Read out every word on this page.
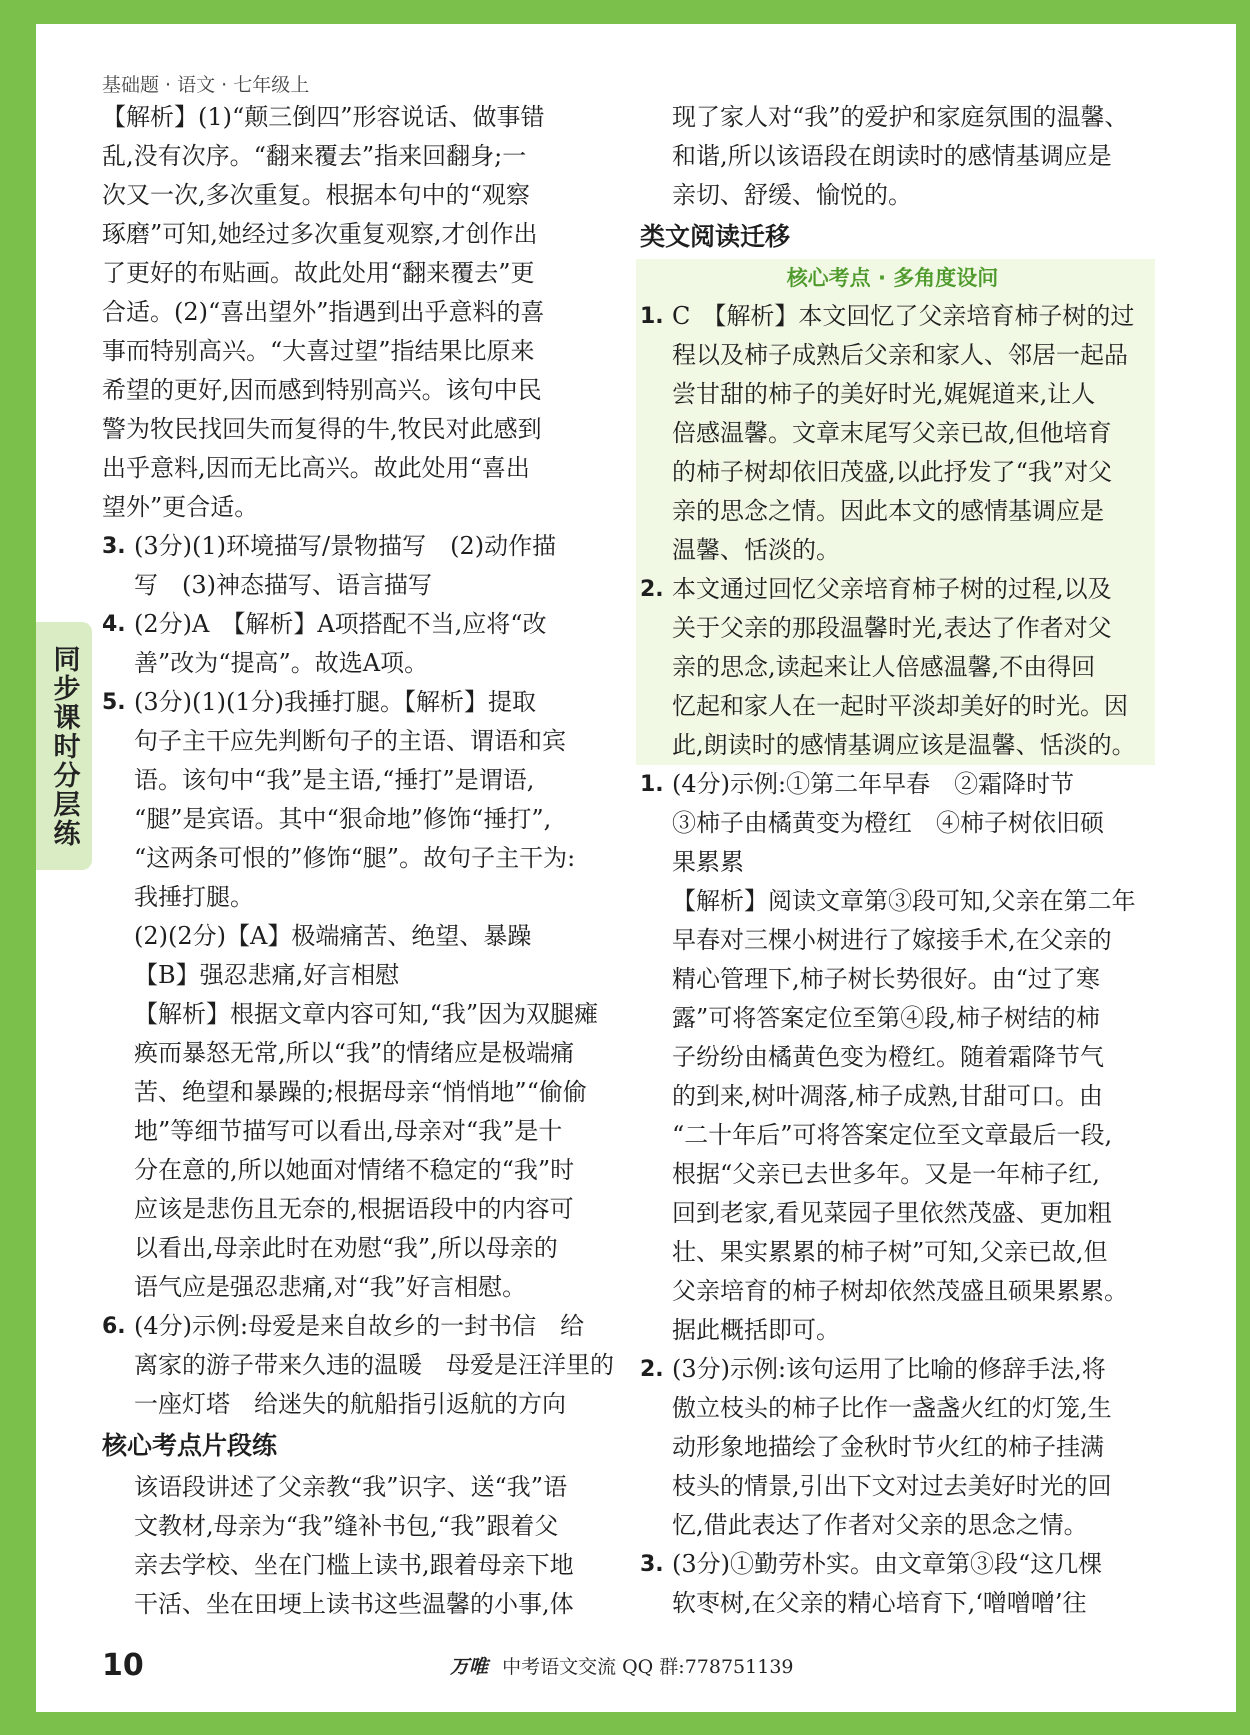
基础题 · 语文 · 七年级上
同步课时分层练
【解析】(1)“颠三倒四”形容说话、做事错
乱,没有次序。“翻来覆去”指来回翻身;一
次又一次,多次重复。根据本句中的“观察
琢磨”可知,她经过多次重复观察,才创作出
了更好的布贴画。故此处用“翻来覆去”更
合适。(2)“喜出望外”指遇到出乎意料的喜
事而特别高兴。“大喜过望”指结果比原来
希望的更好,因而感到特别高兴。该句中民
警为牧民找回失而复得的牛,牧民对此感到
出乎意料,因而无比高兴。故此处用“喜出
望外”更合适。
3. (3分)(1)环境描写/景物描写　(2)动作描
写　(3)神态描写、语言描写
4. (2分)A　【解析】A项搭配不当,应将“改
善”改为“提高”。故选A项。
5. (3分)(1)(1分)我捶打腿。【解析】提取
句子主干应先判断句子的主语、谓语和宾
语。该句中“我”是主语,“捶打”是谓语,
“腿”是宾语。其中“狠命地”修饰“捶打”,
“这两条可恨的”修饰“腿”。故句子主干为:
我捶打腿。
(2)(2分)【A】极端痛苦、绝望、暴躁
【B】强忍悲痛,好言相慰
【解析】根据文章内容可知,“我”因为双腿瘫
痪而暴怒无常,所以“我”的情绪应是极端痛
苦、绝望和暴躁的;根据母亲“悄悄地”“偷偷
地”等细节描写可以看出,母亲对“我”是十
分在意的,所以她面对情绪不稳定的“我”时
应该是悲伤且无奈的,根据语段中的内容可
以看出,母亲此时在劝慰“我”,所以母亲的
语气应是强忍悲痛,对“我”好言相慰。
6. (4分)示例:母爱是来自故乡的一封书信　给
离家的游子带来久违的温暖　母爱是汪洋里的
一座灯塔　给迷失的航船指引返航的方向
核心考点片段练
该语段讲述了父亲教“我”识字、送“我”语
文教材,母亲为“我”缝补书包,“我”跟着父
亲去学校、坐在门槛上读书,跟着母亲下地
干活、坐在田埂上读书这些温馨的小事,体
现了家人对“我”的爱护和家庭氛围的温馨、
和谐,所以该语段在朗读时的感情基调应是
亲切、舒缓、愉悦的。
类文阅读迁移
核心考点 · 多角度设问
1. C　【解析】本文回忆了父亲培育柿子树的过
程以及柿子成熟后父亲和家人、邻居一起品
尝甘甜的柿子的美好时光,娓娓道来,让人
倍感温馨。文章末尾写父亲已故,但他培育
的柿子树却依旧茂盛,以此抒发了“我”对父
亲的思念之情。因此本文的感情基调应是
温馨、恬淡的。
2. 本文通过回忆父亲培育柿子树的过程,以及
关于父亲的那段温馨时光,表达了作者对父
亲的思念,读起来让人倍感温馨,不由得回
忆起和家人在一起时平淡却美好的时光。因
此,朗读时的感情基调应该是温馨、恬淡的。
1. (4分)示例:①第二年早春　②霜降时节
③柿子由橘黄变为橙红　④柿子树依旧硕
果累累
【解析】阅读文章第③段可知,父亲在第二年
早春对三棵小树进行了嫁接手术,在父亲的
精心管理下,柿子树长势很好。由“过了寒
露”可将答案定位至第④段,柿子树结的柿
子纷纷由橘黄色变为橙红。随着霜降节气
的到来,树叶凋落,柿子成熟,甘甜可口。由
“二十年后”可将答案定位至文章最后一段,
根据“父亲已去世多年。又是一年柿子红,
回到老家,看见菜园子里依然茂盛、更加粗
壮、果实累累的柿子树”可知,父亲已故,但
父亲培育的柿子树却依然茂盛且硕果累累。
据此概括即可。
2. (3分)示例:该句运用了比喻的修辞手法,将
傲立枝头的柿子比作一盏盏火红的灯笼,生
动形象地描绘了金秋时节火红的柿子挂满
枝头的情景,引出下文对过去美好时光的回
忆,借此表达了作者对父亲的思念之情。
3. (3分)①勤劳朴实。由文章第③段“这几棵
软枣树,在父亲的精心培育下,‘噌噌噌’往
10	万唯 中考语文交流 QQ 群:778751139
